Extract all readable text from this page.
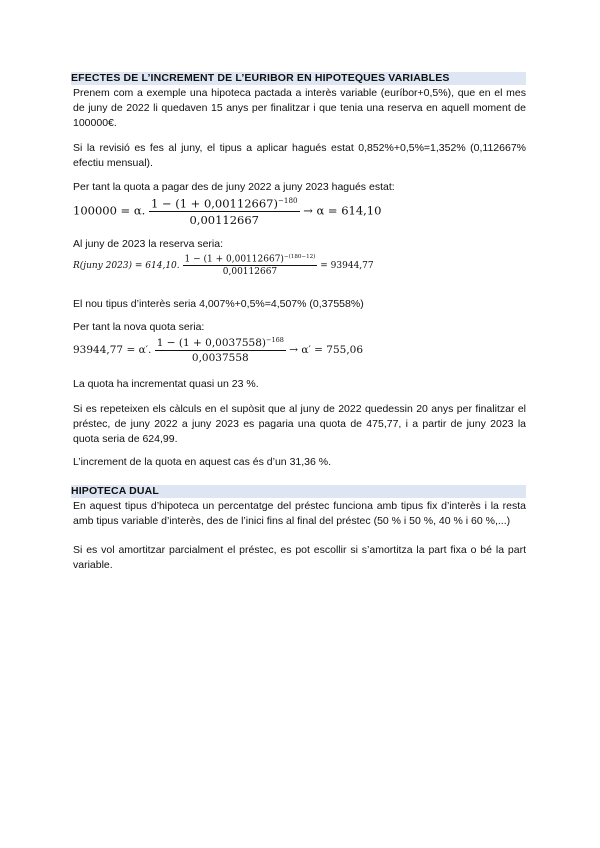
EFECTES DE L’INCREMENT DE L’EURIBOR EN HIPOTEQUES VARIABLES
Prenem com a exemple una hipoteca pactada a interès variable (euríbor+0,5%), que en el mes de juny de 2022 li quedaven 15 anys per finalitzar i que tenia una reserva en aquell moment de 100000€.
Si la revisió es fes al juny, el tipus a aplicar hagués estat 0,852%+0,5%=1,352% (0,112667% efectiu mensual).
Per tant la quota a pagar des de juny 2022 a juny 2023 hagués estat:
100000 = α. $\frac{1 - (1 + 0,00112667)^{-180}}{0,00112667} \to \alpha = 614,10$
Al juny de 2023 la reserva seria:
R(juny 2023) = 614,10. $\frac{1 - (1 + 0,00112667)^{-(180-12)}}{0,00112667} = 93944,77$
El nou tipus d’interès seria 4,007%+0,5%=4,507% (0,37558%)
Per tant la nova quota seria:
93944,77 = α′. $\frac{1 - (1 + 0,0037558)^{-168}}{0,0037558} \to \alpha' = 755,06$
La quota ha incrementat quasi un 23 %.
Si es repeteixen els càlculs en el supòsit que al juny de 2022 quedessin 20 anys per finalitzar el préstec, de juny 2022 a juny 2023 es pagaria una quota de 475,77, i a partir de juny 2023 la quota seria de 624,99.
L’increment de la quota en aquest cas és d’un 31,36 %.
HIPOTECA DUAL
En aquest tipus d’hipoteca un percentatge del préstec funciona amb tipus fix d’interès i la resta amb tipus variable d’interès, des de l’inici fins al final del préstec (50 % i 50 %, 40 % i 60 %,...)
Si es vol amortitzar parcialment el préstec, es pot escollir si s’amortitza la part fixa o bé la part variable.
